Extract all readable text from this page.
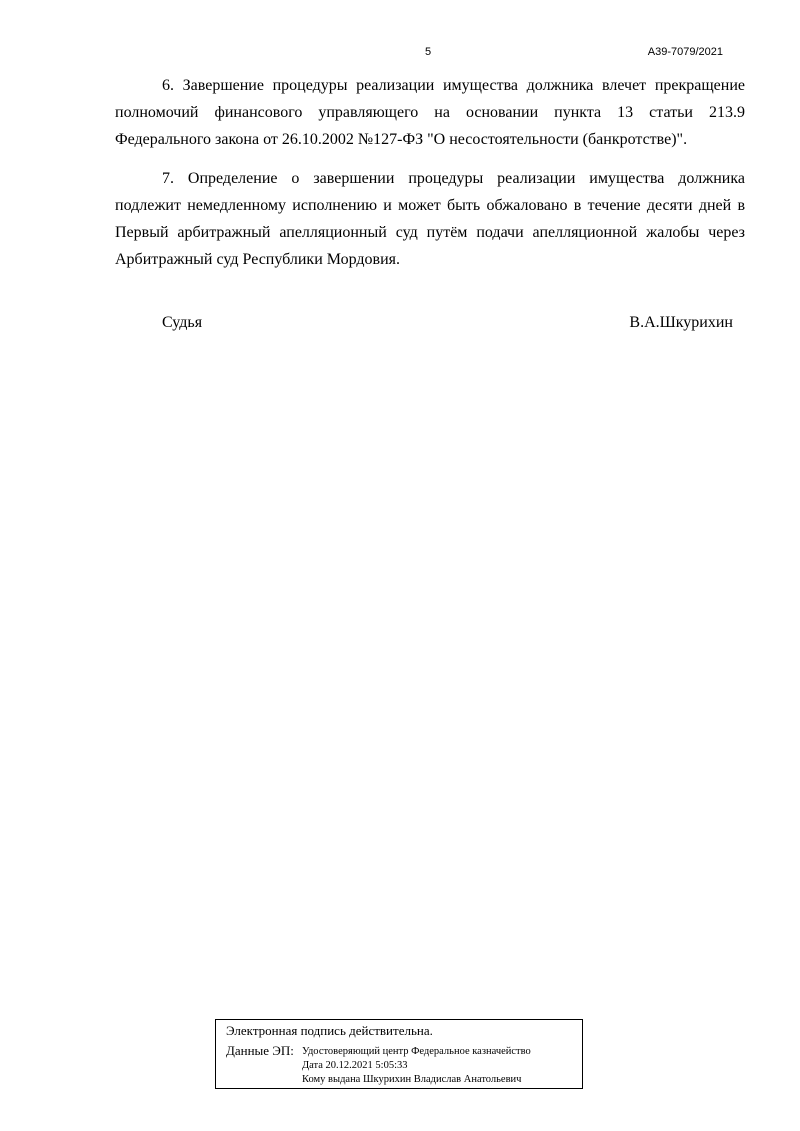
5	А39-7079/2021

6. Завершение процедуры реализации имущества должника влечет прекращение полномочий финансового управляющего на основании пункта 13 статьи 213.9 Федерального закона от 26.10.2002 №127-ФЗ "О несостоятельности (банкротстве)".

7. Определение о завершении процедуры реализации имущества должника подлежит немедленному исполнению и может быть обжаловано в течение десяти дней в Первый арбитражный апелляционный суд путём подачи апелляционной жалобы через Арбитражный суд Республики Мордовия.

Судья	В.А.Шкурихин
Электронная подпись действительна.
Данные ЭП: Удостоверяющий центр Федеральное казначейство
Дата 20.12.2021 5:05:33
Кому выдана Шкурихин Владислав Анатольевич
